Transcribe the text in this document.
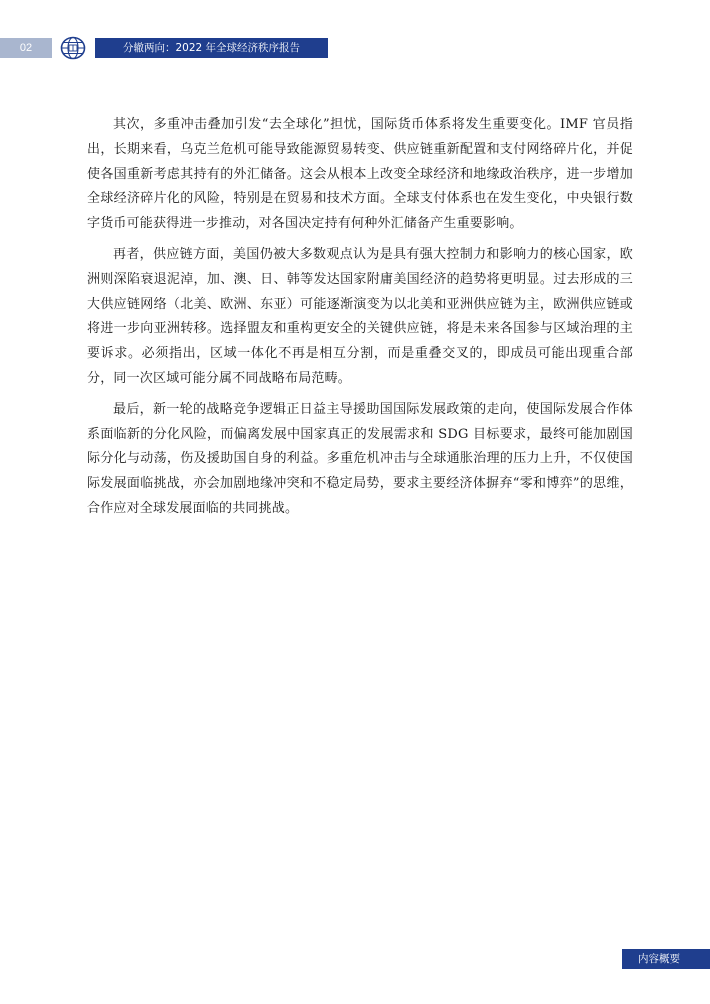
02	分辙两向：2022 年全球经济秩序报告

其次，多重冲击叠加引发“去全球化”担忧，国际货币体系将发生重要变化。IMF 官员指出，长期来看，乌克兰危机可能导致能源贸易转变、供应链重新配置和支付网络碎片化，并促使各国重新考虑其持有的外汇储备。这会从根本上改变全球经济和地缘政治秩序，进一步增加全球经济碎片化的风险，特别是在贸易和技术方面。全球支付体系也在发生变化，中央银行数字货币可能获得进一步推动，对各国决定持有何种外汇储备产生重要影响。

再者，供应链方面，美国仍被大多数观点认为是具有强大控制力和影响力的核心国家，欧洲则深陷衰退泥淖，加、澳、日、韩等发达国家附庸美国经济的趋势将更明显。过去形成的三大供应链网络（北美、欧洲、东亚）可能逐渐演变为以北美和亚洲供应链为主，欧洲供应链或将进一步向亚洲转移。选择盟友和重构更安全的关键供应链，将是未来各国参与区域治理的主要诉求。必须指出，区域一体化不再是相互分割，而是重叠交叉的，即成员可能出现重合部分，同一次区域可能分属不同战略布局范畴。

最后，新一轮的战略竞争逻辑正日益主导援助国国际发展政策的走向，使国际发展合作体系面临新的分化风险，而偏离发展中国家真正的发展需求和 SDG 目标要求，最终可能加剧国际分化与动荡，伤及援助国自身的利益。多重危机冲击与全球通胀治理的压力上升，不仅使国际发展面临挑战，亦会加剧地缘冲突和不稳定局势，要求主要经济体摒弃“零和博弈”的思维，合作应对全球发展面临的共同挑战。

内容概要
